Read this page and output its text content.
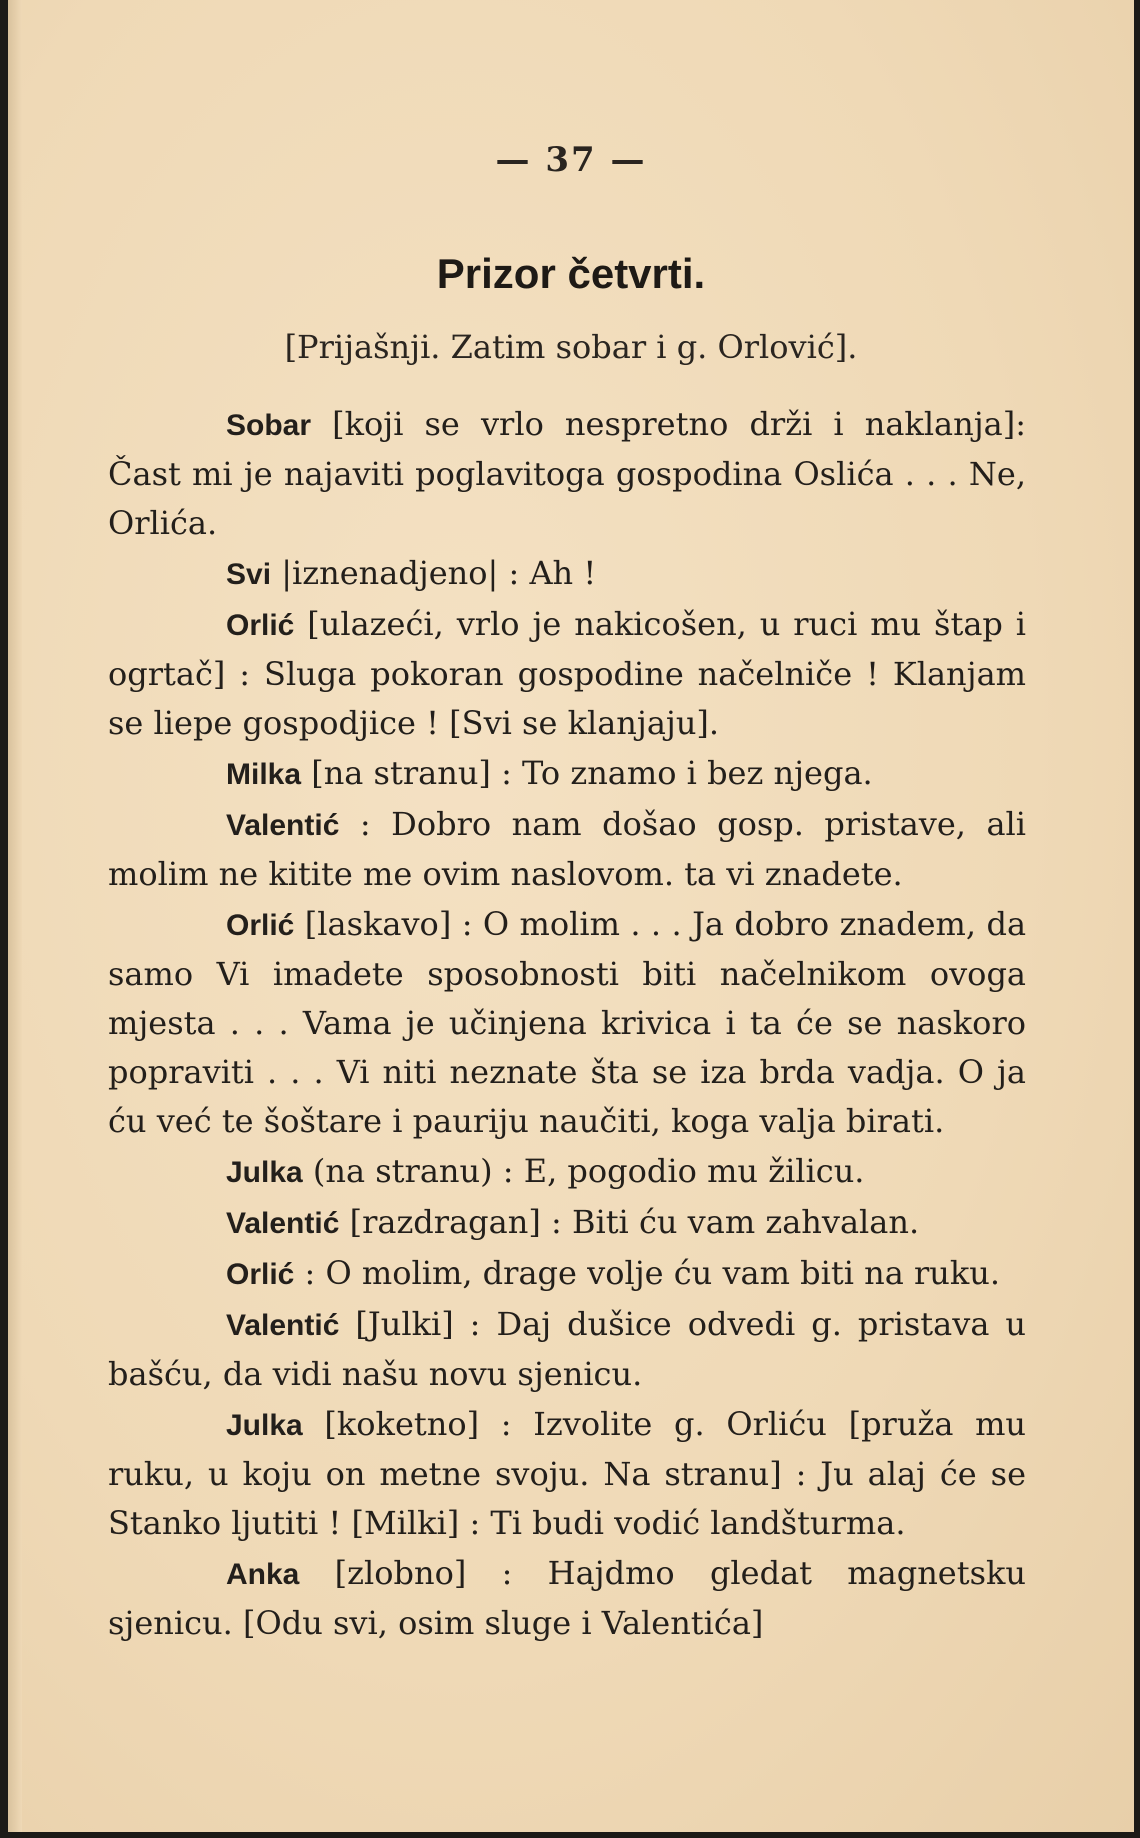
— 37 —
Prizor četvrti.
[Prijašnji. Zatim sobar i g. Orlović].

Sobar [koji se vrlo nespretno drži i naklanja]: Čast mi je najaviti poglavitoga gospodina Oslića . . . Ne, Orlića.

Svi |iznenadjeno| : Ah !

Orlić [ulazeći, vrlo je nakicošen, u ruci mu štap i ogrtač] : Sluga pokoran gospodine načelniče ! Klanjam se liepe gospodjice ! [Svi se klanjaju].

Milka [na stranu] : To znamo i bez njega.

Valentić : Dobro nam došao gosp. pristave, ali molim ne kitite me ovim naslovom. ta vi znadete.

Orlić [laskavo] : O molim . . . Ja dobro znadem, da samo Vi imadete sposobnosti biti načelnikom ovoga mjesta . . . Vama je učinjena krivica i ta će se naskoro popraviti . . . Vi niti neznate šta se iza brda vadja. O ja ću već te šoštare i pauriju naučiti, koga valja birati.

Julka (na stranu) : E, pogodio mu žilicu.

Valentić [razdragan] : Biti ću vam zahvalan.

Orlić : O molim, drage volje ću vam biti na ruku.

Valentić [Julki] : Daj dušice odvedi g. pristava u bašću, da vidi našu novu sjenicu.

Julka [koketno] : Izvolite g. Orliću [pruža mu ruku, u koju on metne svoju. Na stranu] : Ju alaj će se Stanko ljutiti ! [Milki] : Ti budi vodić landšturma.

Anka [zlobno] : Hajdmo gledat magnetsku sjenicu. [Odu svi, osim sluge i Valentića]
